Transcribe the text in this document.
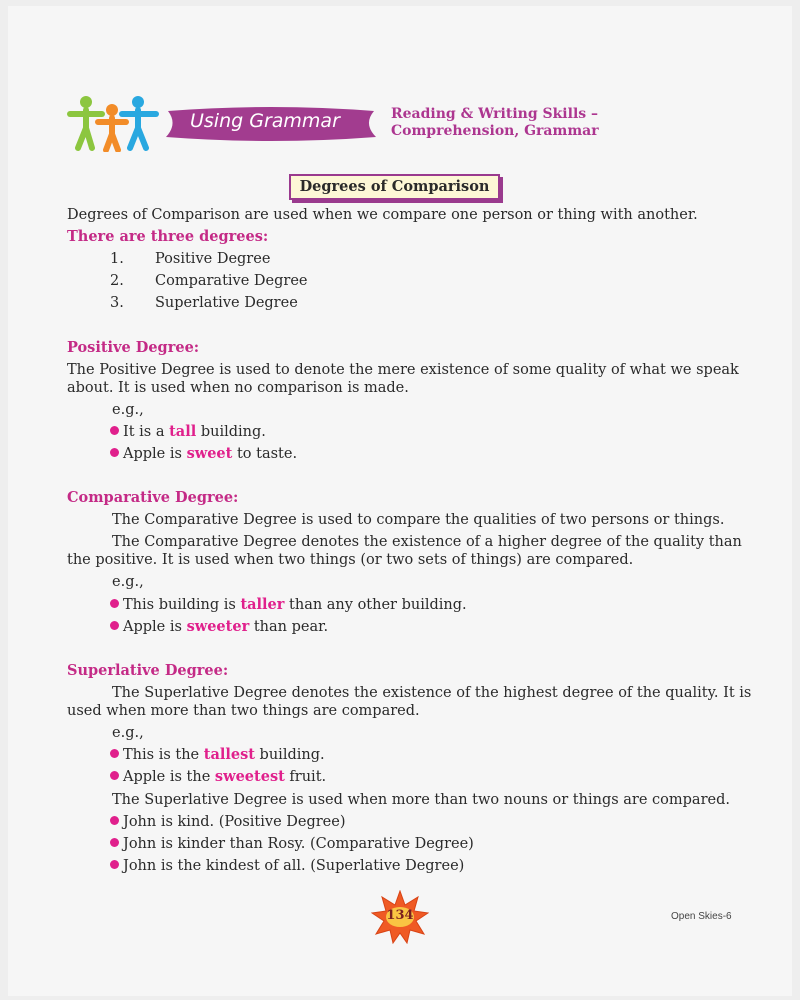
Using Grammar	Reading & Writing Skills –
Comprehension, Grammar
Degrees of Comparison
Degrees of Comparison are used when we compare one person or thing with another.
There are three degrees:
1. Positive Degree
2. Comparative Degree
3. Superlative Degree
Positive Degree:
The Positive Degree is used to denote the mere existence of some quality of what we speak
about. It is used when no comparison is made.
e.g.,
It is a tall building.
Apple is sweet to taste.
Comparative Degree:
The Comparative Degree is used to compare the qualities of two persons or things.
The Comparative Degree denotes the existence of a higher degree of the quality than
the positive. It is used when two things (or two sets of things) are compared.
e.g.,
This building is taller than any other building.
Apple is sweeter than pear.
Superlative Degree:
The Superlative Degree denotes the existence of the highest degree of the quality. It is
used when more than two things are compared.
e.g.,
This is the tallest building.
Apple is the sweetest fruit.
The Superlative Degree is used when more than two nouns or things are compared.
John is kind. (Positive Degree)
John is kinder than Rosy. (Comparative Degree)
John is the kindest of all. (Superlative Degree)
134	Open Skies-6
